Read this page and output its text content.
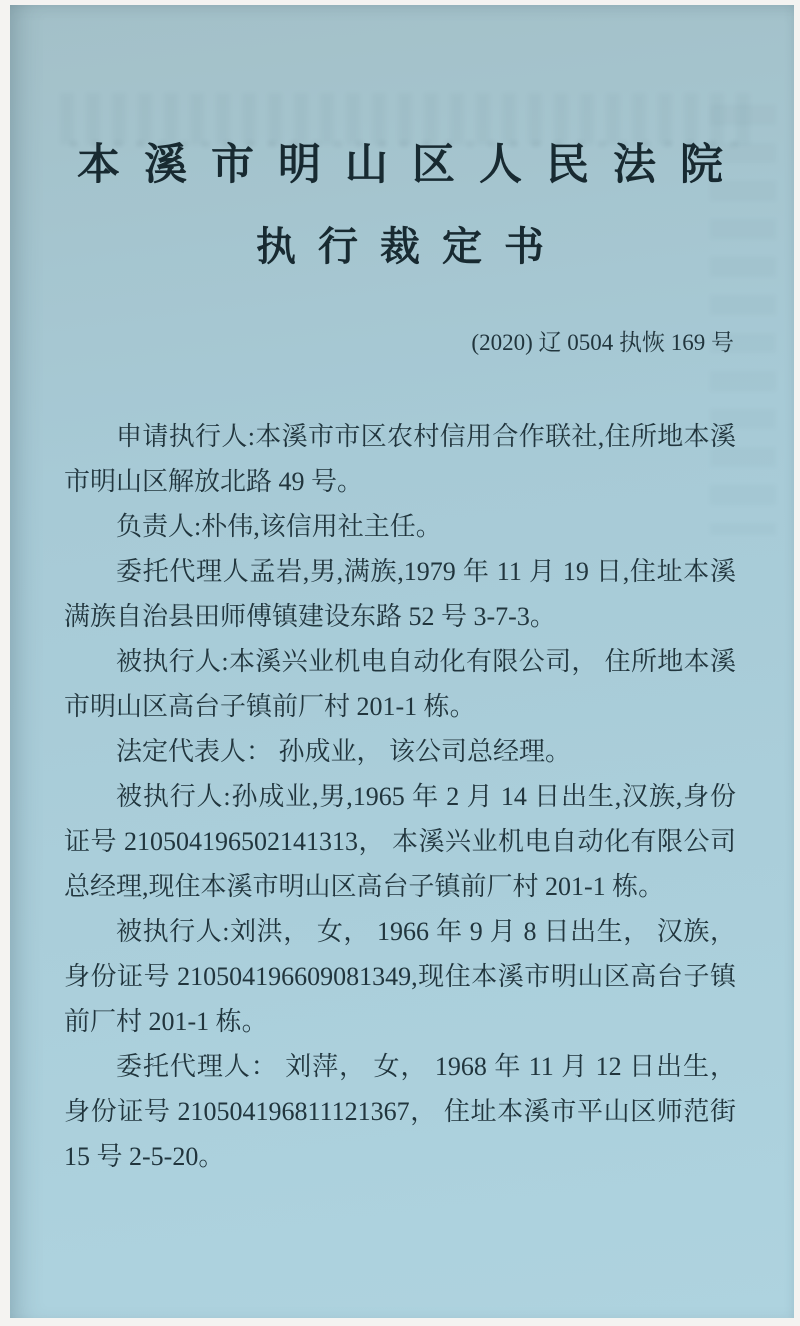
本溪市明山区人民法院
执行裁定书

(2020) 辽 0504 执恢 169 号

申请执行人:本溪市市区农村信用合作联社,住所地本溪市明山区解放北路 49 号。

负责人:朴伟,该信用社主任。

委托代理人孟岩,男,满族,1979 年 11 月 19 日,住址本溪满族自治县田师傅镇建设东路 52 号 3-7-3。

被执行人:本溪兴业机电自动化有限公司， 住所地本溪市明山区高台子镇前厂村 201-1 栋。

法定代表人： 孙成业， 该公司总经理。

被执行人:孙成业,男,1965 年 2 月 14 日出生,汉族,身份证号 210504196502141313， 本溪兴业机电自动化有限公司总经理,现住本溪市明山区高台子镇前厂村 201-1 栋。

被执行人:刘洪， 女， 1966 年 9 月 8 日出生， 汉族， 身份证号 210504196609081349,现住本溪市明山区高台子镇前厂村 201-1 栋。

委托代理人： 刘萍， 女， 1968 年 11 月 12 日出生， 身份证号 210504196811121367， 住址本溪市平山区师范街 15 号 2-5-20。
